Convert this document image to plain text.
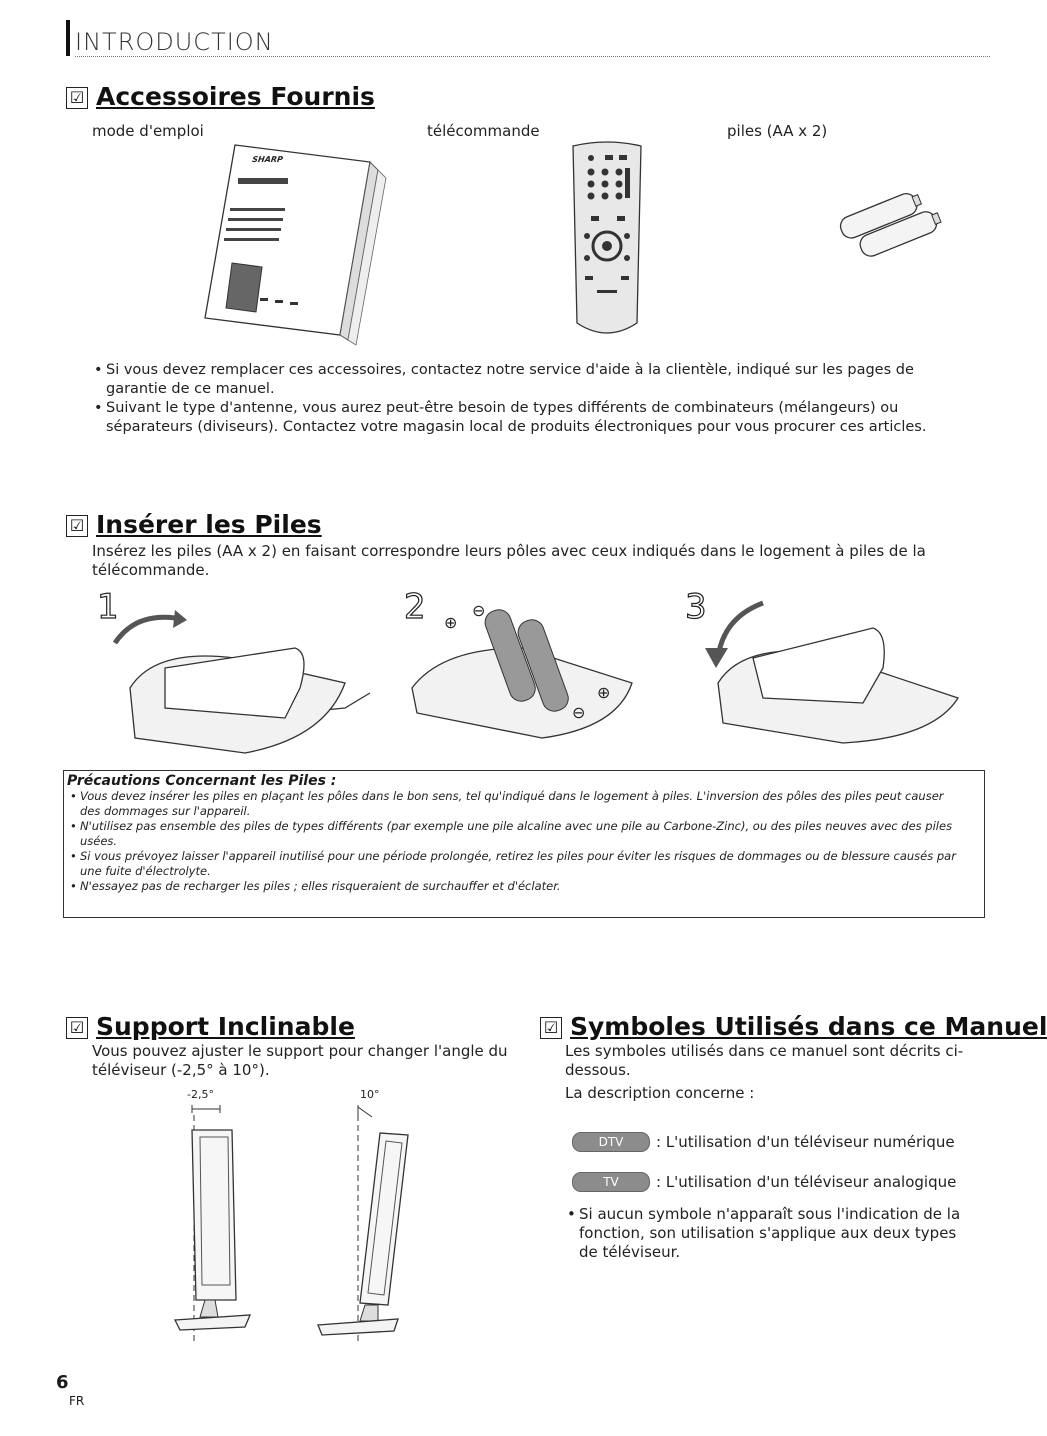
INTRODUCTION
☑ Accessoires Fournis
mode d'emploi	télécommande	piles (AA x 2)
SHARP
• Si vous devez remplacer ces accessoires, contactez notre service d'aide à la clientèle, indiqué sur les pages de garantie de ce manuel.
• Suivant le type d'antenne, vous aurez peut-être besoin de types différents de combinateurs (mélangeurs) ou séparateurs (diviseurs). Contactez votre magasin local de produits électroniques pour vous procurer ces articles.
☑ Insérer les Piles
Insérez les piles (AA x 2) en faisant correspondre leurs pôles avec ceux indiqués dans le logement à piles de la télécommande.
1	2 ⊕
⊖
⊖
⊕
3
Précautions Concernant les Piles :
• Vous devez insérer les piles en plaçant les pôles dans le bon sens, tel qu'indiqué dans le logement à piles. L'inversion des pôles des piles peut causer des dommages sur l'appareil.
• N'utilisez pas ensemble des piles de types différents (par exemple une pile alcaline avec une pile au Carbone-Zinc), ou des piles neuves avec des piles usées.
• Si vous prévoyez laisser l'appareil inutilisé pour une période prolongée, retirez les piles pour éviter les risques de dommages ou de blessure causés par une fuite d'électrolyte.
• N'essayez pas de recharger les piles ; elles risqueraient de surchauffer et d'éclater.
☑ Support Inclinable
Vous pouvez ajuster le support pour changer l'angle du téléviseur (-2,5° à 10°).
-2,5°	10°
☑ Symboles Utilisés dans ce Manuel
Les symboles utilisés dans ce manuel sont décrits ci-dessous.
La description concerne :
DTV	: L'utilisation d'un téléviseur numérique
TV	: L'utilisation d'un téléviseur analogique
• Si aucun symbole n'apparaît sous l'indication de la fonction, son utilisation s'applique aux deux types de téléviseur.
6
FR
